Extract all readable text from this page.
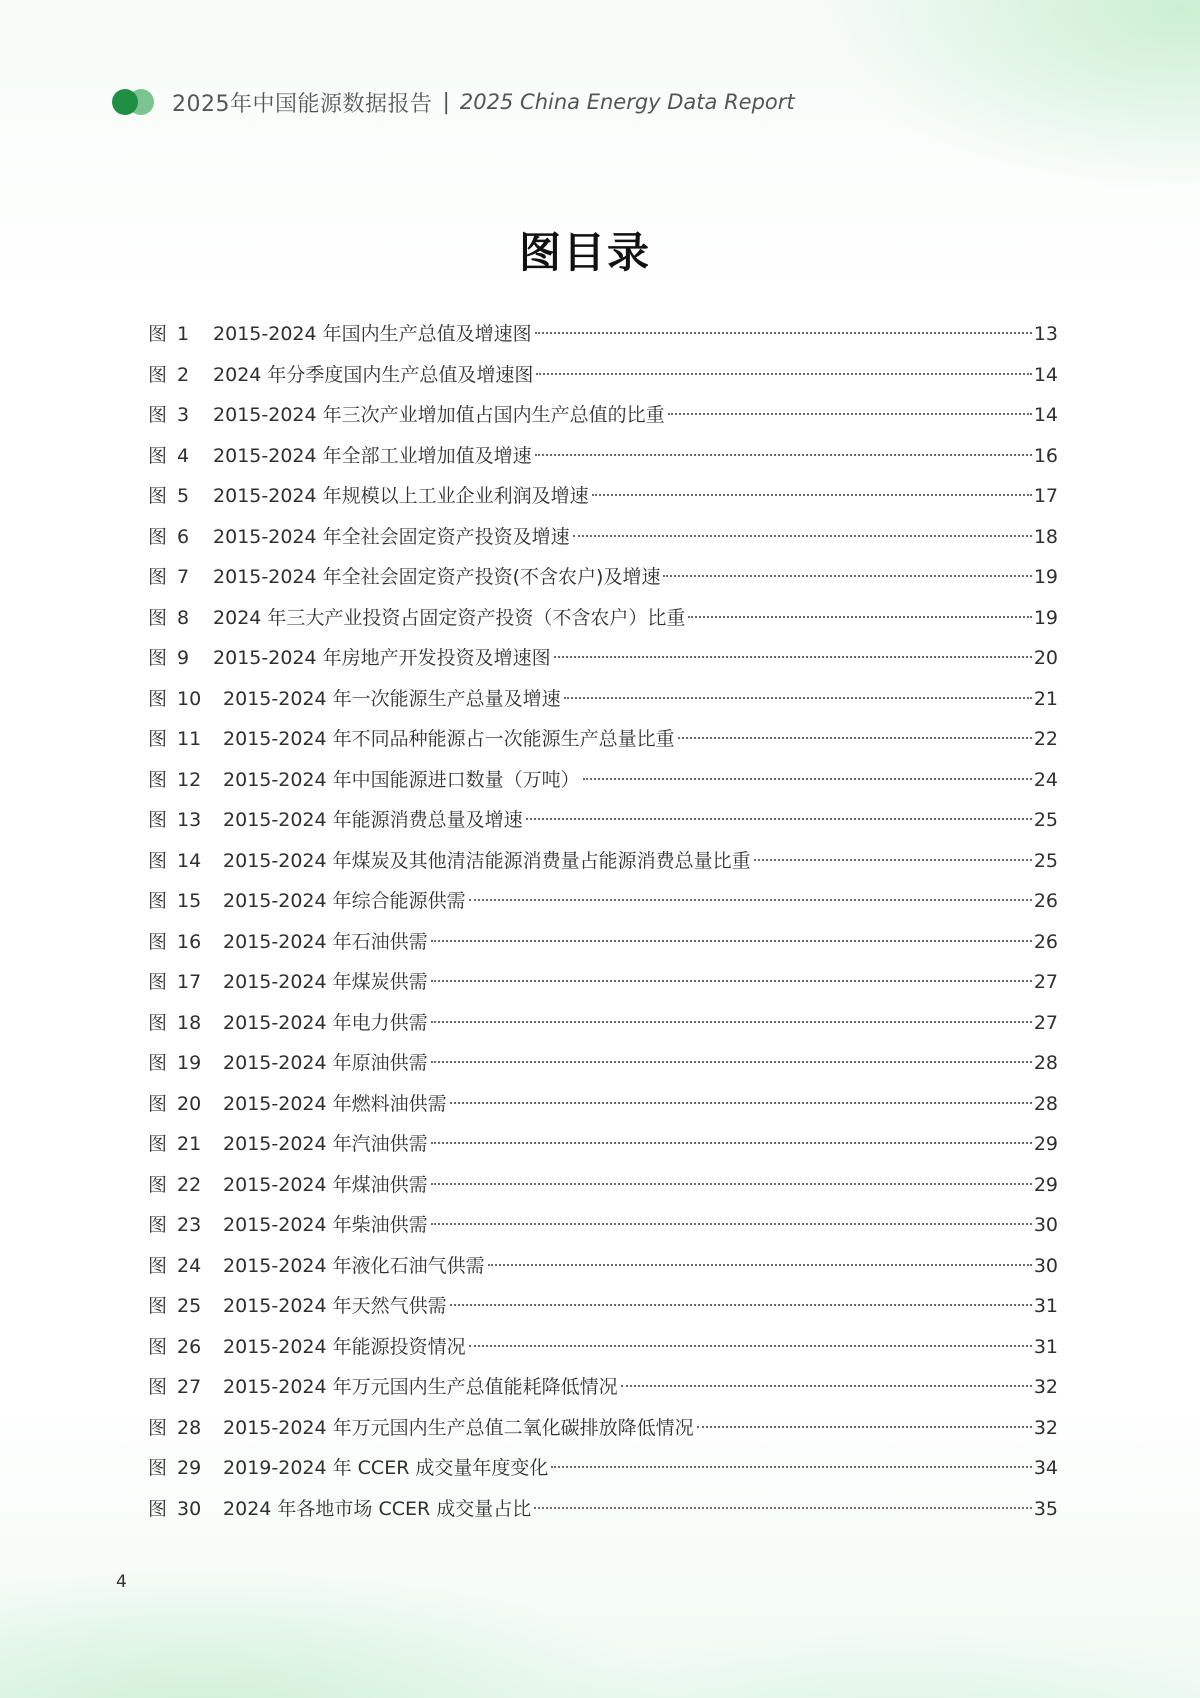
2025年中国能源数据报告 | 2025 China Energy Data Report
图目录
图 1	2015-2024 年国内生产总值及增速图	13
图 2	2024 年分季度国内生产总值及增速图	14
图 3	2015-2024 年三次产业增加值占国内生产总值的比重	14
图 4	2015-2024 年全部工业增加值及增速	16
图 5	2015-2024 年规模以上工业企业利润及增速	17
图 6	2015-2024 年全社会固定资产投资及增速	18
图 7	2015-2024 年全社会固定资产投资(不含农户)及增速	19
图 8	2024 年三大产业投资占固定资产投资（不含农户）比重	19
图 9	2015-2024 年房地产开发投资及增速图	20
图 10	2015-2024 年一次能源生产总量及增速	21
图 11	2015-2024 年不同品种能源占一次能源生产总量比重	22
图 12	2015-2024 年中国能源进口数量（万吨）	24
图 13	2015-2024 年能源消费总量及增速	25
图 14	2015-2024 年煤炭及其他清洁能源消费量占能源消费总量比重	25
图 15	2015-2024 年综合能源供需	26
图 16	2015-2024 年石油供需	26
图 17	2015-2024 年煤炭供需	27
图 18	2015-2024 年电力供需	27
图 19	2015-2024 年原油供需	28
图 20	2015-2024 年燃料油供需	28
图 21	2015-2024 年汽油供需	29
图 22	2015-2024 年煤油供需	29
图 23	2015-2024 年柴油供需	30
图 24	2015-2024 年液化石油气供需	30
图 25	2015-2024 年天然气供需	31
图 26	2015-2024 年能源投资情况	31
图 27	2015-2024 年万元国内生产总值能耗降低情况	32
图 28	2015-2024 年万元国内生产总值二氧化碳排放降低情况	32
图 29	2019-2024 年 CCER 成交量年度变化	34
图 30	2024 年各地市场 CCER 成交量占比	35
4
